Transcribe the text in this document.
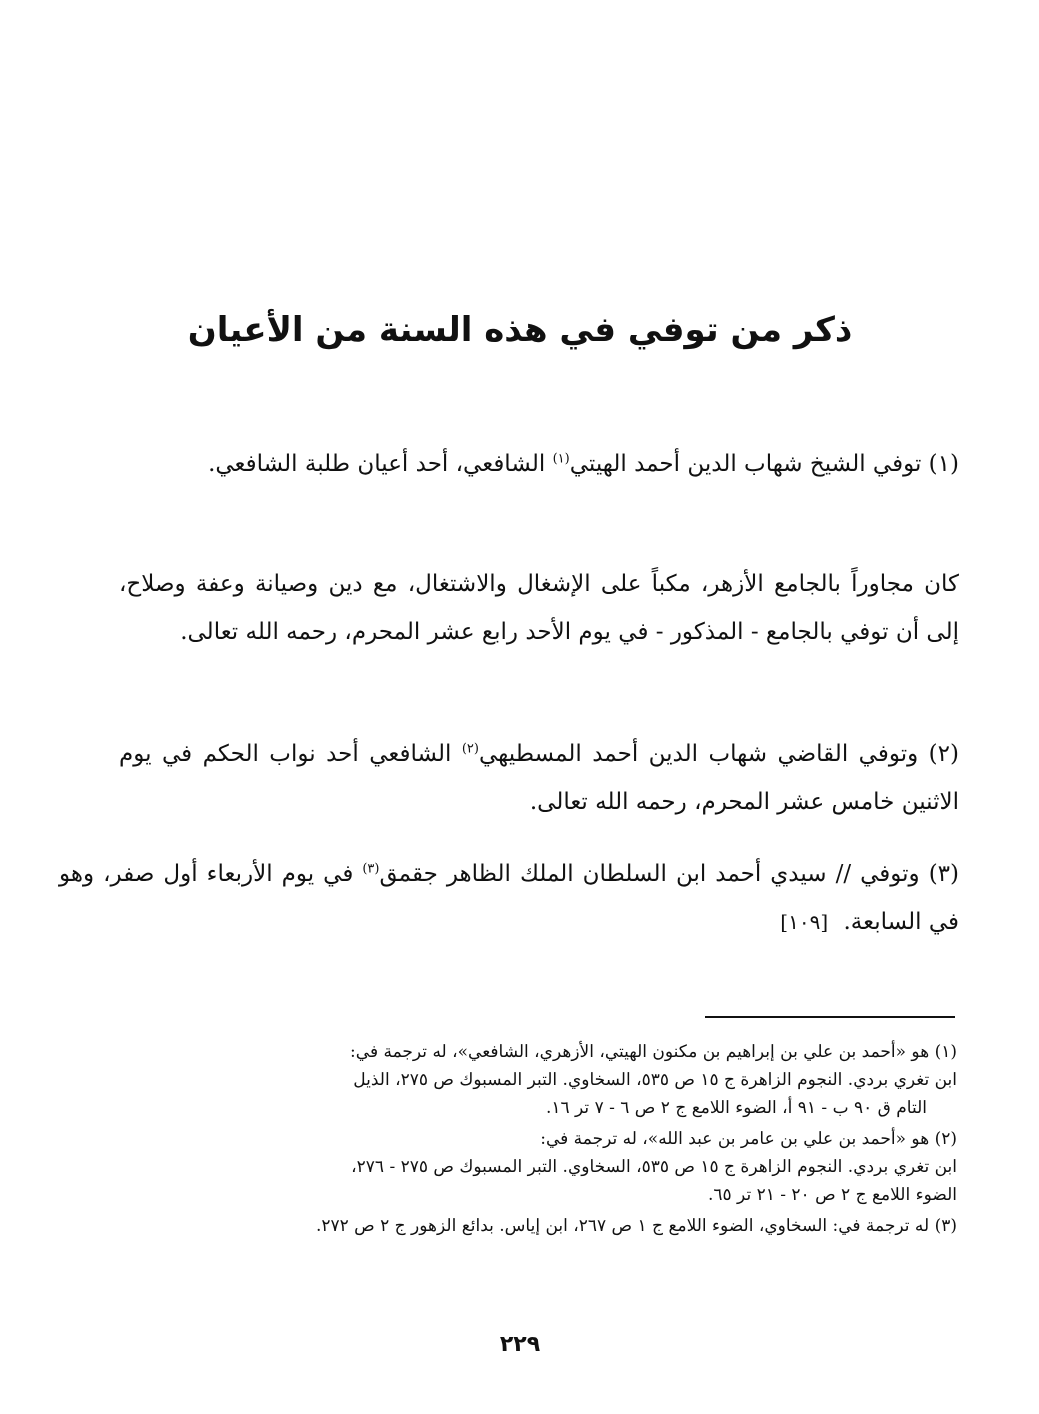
ذكر من توفي في هذه السنة من الأعيان

(١) توفي الشيخ شهاب الدين أحمد الهيتي$^{(١)}$ الشافعي، أحد أعيان طلبة الشافعي.

كان مجاوراً بالجامع الأزهر، مكباً على الإشغال والاشتغال، مع دين وصيانة وعفة وصلاح، إلى أن توفي بالجامع - المذكور - في يوم الأحد رابع عشر المحرم، رحمه الله تعالى.

(٢) وتوفي القاضي شهاب الدين أحمد المسطيهي$^{(٢)}$ الشافعي أحد نواب الحكم في يوم الاثنين خامس عشر المحرم، رحمه الله تعالى.

(٣) وتوفي // سيدي أحمد ابن السلطان الملك الظاهر جقمق$^{(٣)}$ في يوم الأربعاء أول صفر، وهو في السابعة. [١٠٩]

(١) هو «أحمد بن علي بن إبراهيم بن مكنون الهيتي، الأزهري، الشافعي»، له ترجمة في:
ابن تغري بردي. النجوم الزاهرة ج ١٥ ص ٥٣٥، السخاوي. التبر المسبوك ص ٢٧٥، الذيل
التام ق ٩٠ ب - ٩١ أ، الضوء اللامع ج ٢ ص ٦ - ٧ تر ١٦.
(٢) هو «أحمد بن علي بن عامر بن عبد الله»، له ترجمة في:
ابن تغري بردي. النجوم الزاهرة ج ١٥ ص ٥٣٥، السخاوي. التبر المسبوك ص ٢٧٥ - ٢٧٦،
الضوء اللامع ج ٢ ص ٢٠ - ٢١ تر ٦٥.
(٣) له ترجمة في: السخاوي، الضوء اللامع ج ١ ص ٢٦٧، ابن إياس. بدائع الزهور ج ٢ ص ٢٧٢.
٢٢٩
